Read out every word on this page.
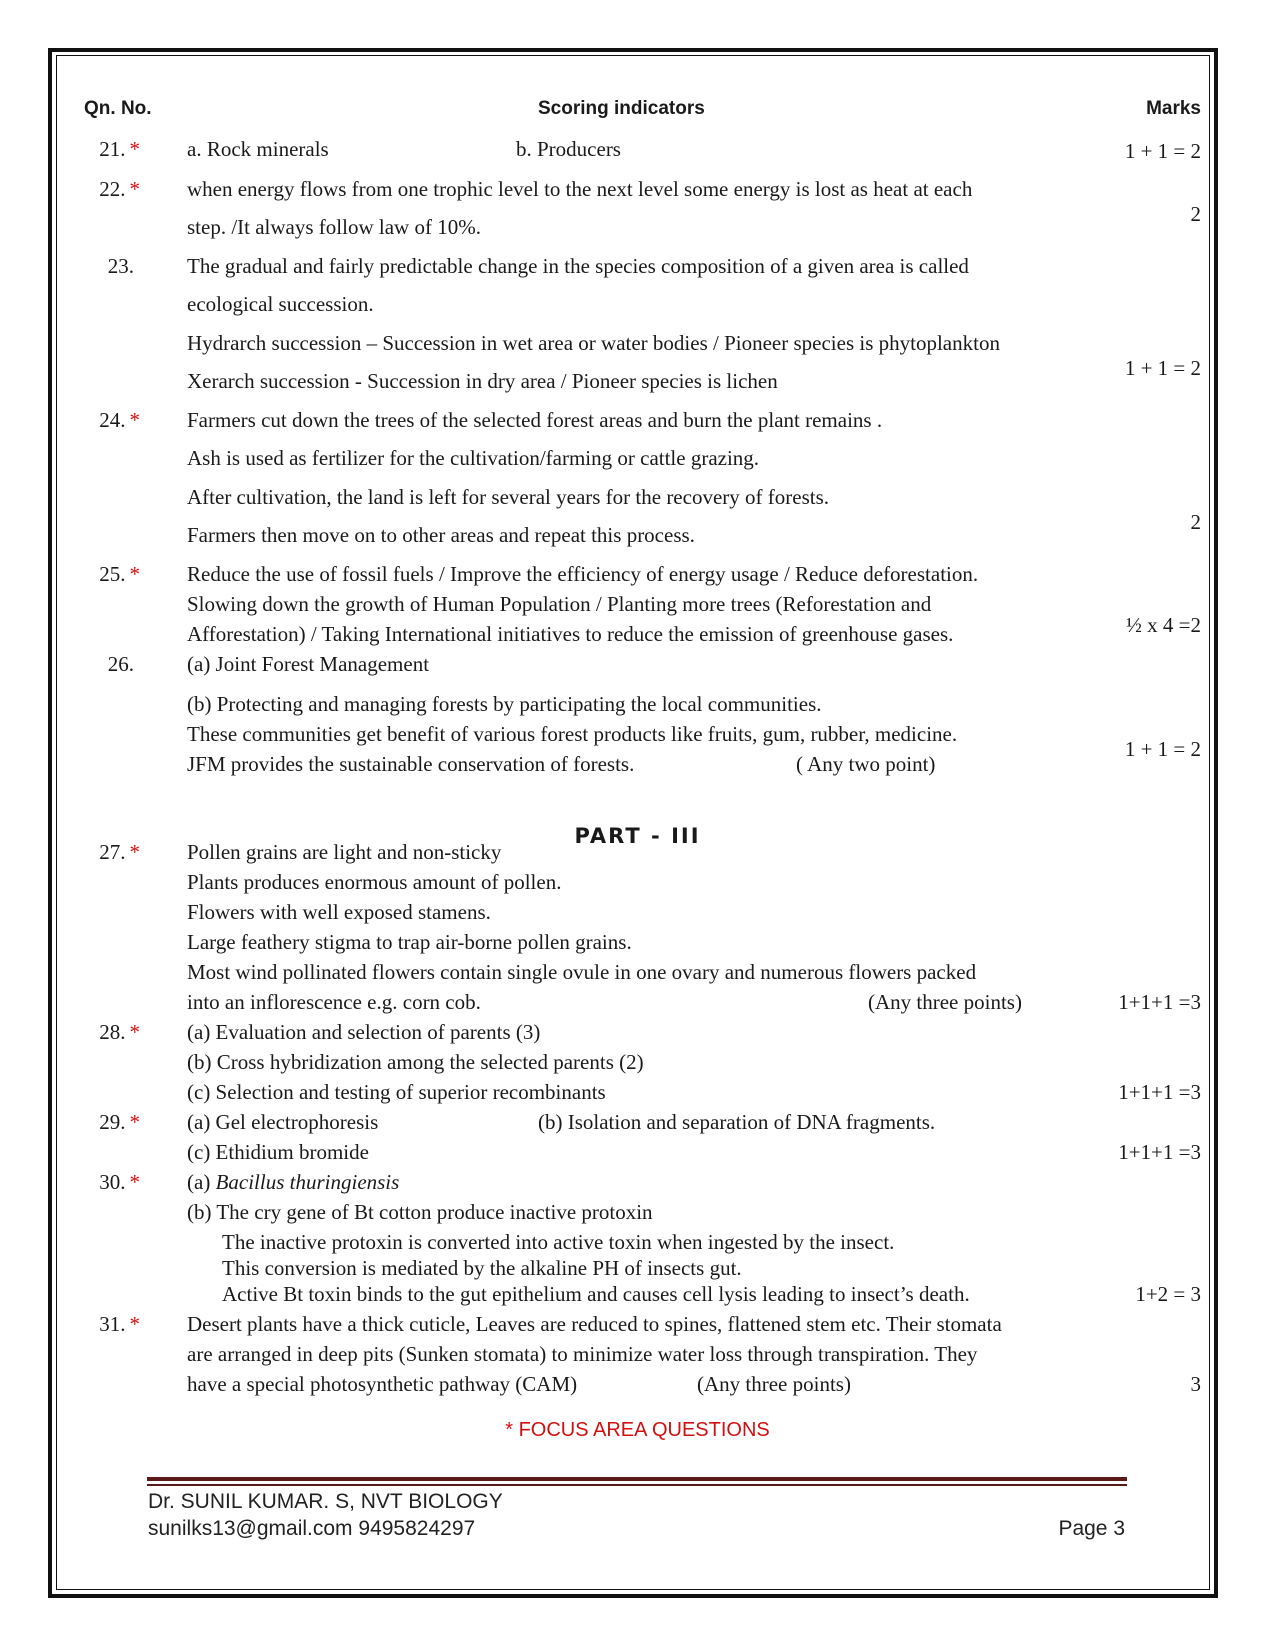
Qn. No.	Scoring indicators	Marks
21. * a. Rock minerals	b. Producers	1 + 1 = 2
22. * when energy flows from one trophic level to the next level some energy is lost as heat at each
step. /It always follow law of 10%.
2
23.	The gradual and fairly predictable change in the species composition of a given area is called
ecological succession.
Hydrarch succession – Succession in wet area or water bodies / Pioneer species is phytoplankton
Xerarch succession - Succession in dry area / Pioneer species is lichen
1 + 1 = 2
24. * Farmers cut down the trees of the selected forest areas and burn the plant remains .
Ash is used as fertilizer for the cultivation/farming or cattle grazing.
After cultivation, the land is left for several years for the recovery of forests.
Farmers then move on to other areas and repeat this process.
2
25. * Reduce the use of fossil fuels / Improve the efficiency of energy usage / Reduce deforestation.
Slowing down the growth of Human Population / Planting more trees (Reforestation and
Afforestation) / Taking International initiatives to reduce the emission of greenhouse gases.	½ x 4 =2
26.	(a) Joint Forest Management
(b) Protecting and managing forests by participating the local communities.
These communities get benefit of various forest products like fruits, gum, rubber, medicine.
JFM provides the sustainable conservation of forests.	( Any two point)
1 + 1 = 2
PART - III
27. * Pollen grains are light and non-sticky
Plants produces enormous amount of pollen.
Flowers with well exposed stamens.
Large feathery stigma to trap air-borne pollen grains.
Most wind pollinated flowers contain single ovule in one ovary and numerous flowers packed
into an inflorescence e.g. corn cob.	(Any three points)	1+1+1 =3
28. * (a) Evaluation and selection of parents (3)
(b) Cross hybridization among the selected parents (2)
(c) Selection and testing of superior recombinants	1+1+1 =3
29. * (a) Gel electrophoresis	(b) Isolation and separation of DNA fragments.
(c) Ethidium bromide	1+1+1 =3
30. * (a) Bacillus thuringiensis
(b) The cry gene of Bt cotton produce inactive protoxin
The inactive protoxin is converted into active toxin when ingested by the insect.
This conversion is mediated by the alkaline PH of insects gut.
Active Bt toxin binds to the gut epithelium and causes cell lysis leading to insect’s death.	1+2 = 3
31. * Desert plants have a thick cuticle, Leaves are reduced to spines, flattened stem etc. Their stomata
are arranged in deep pits (Sunken stomata) to minimize water loss through transpiration. They
have a special photosynthetic pathway (CAM)	(Any three points)	3
* FOCUS AREA QUESTIONS
Dr. SUNIL KUMAR. S, NVT BIOLOGY
sunilks13@gmail.com 9495824297	Page 3
